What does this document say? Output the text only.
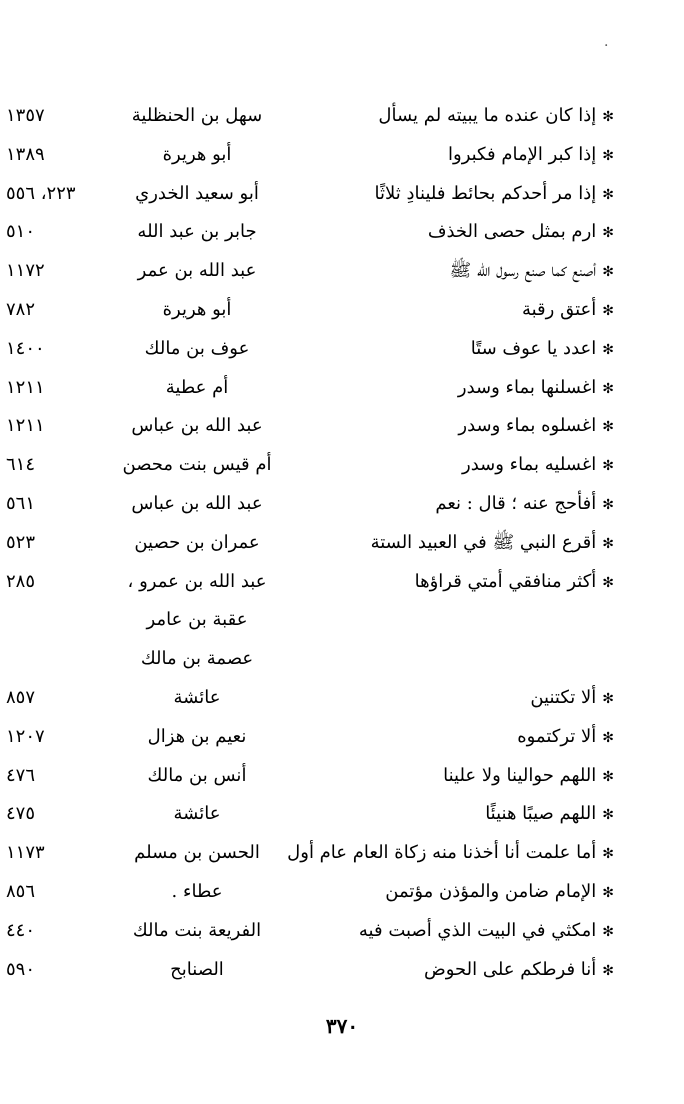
·
✻إذا كان عنده ما يبيته لم يسأل
سهل بن الحنظلية
١٣٥٧
✻إذا كبر الإمام فكبروا
أبو هريرة
١٣٨٩
✻إذا مر أحدكم بحائط فلينادِ ثلاثًا
أبو سعيد الخدري
٢٢٣، ٥٥٦
✻ارم بمثل حصى الخذف
جابر بن عبد الله
٥١٠
✻أصنع كما صنع رسول الله ﷺ
عبد الله بن عمر
١١٧٢
✻أعتق رقبة
أبو هريرة
٧٨٢
✻اعدد يا عوف ستًا
عوف بن مالك
١٤٠٠
✻اغسلنها بماء وسدر
أم عطية
١٢١١
✻اغسلوه بماء وسدر
عبد الله بن عباس
١٢١١
✻اغسليه بماء وسدر
أم قيس بنت محصن
٦١٤
✻أفأحج عنه ؛ قال : نعم
عبد الله بن عباس
٥٦١
✻أقرع النبي ﷺ في العبيد الستة
عمران بن حصين
٥٢٣
✻أكثر منافقي أمتي قراؤها
عبد الله بن عمرو ،
٢٨٥
عقبة بن عامر
عصمة بن مالك
✻ألا تكتنين
عائشة
٨٥٧
✻ألا تركتموه
نعيم بن هزال
١٢٠٧
✻اللهم حوالينا ولا علينا
أنس بن مالك
٤٧٦
✻اللهم صيبًا هنيئًا
عائشة
٤٧٥
✻أما علمت أنا أخذنا منه زكاة العام عام أول
الحسن بن مسلم
١١٧٣
✻الإمام ضامن والمؤذن مؤتمن
عطاء .
٨٥٦
✻امكثي في البيت الذي أصبت فيه
الفريعة بنت مالك
٤٤٠
✻أنا فرطكم على الحوض
الصنابح
٥٩٠
٣٧٠
